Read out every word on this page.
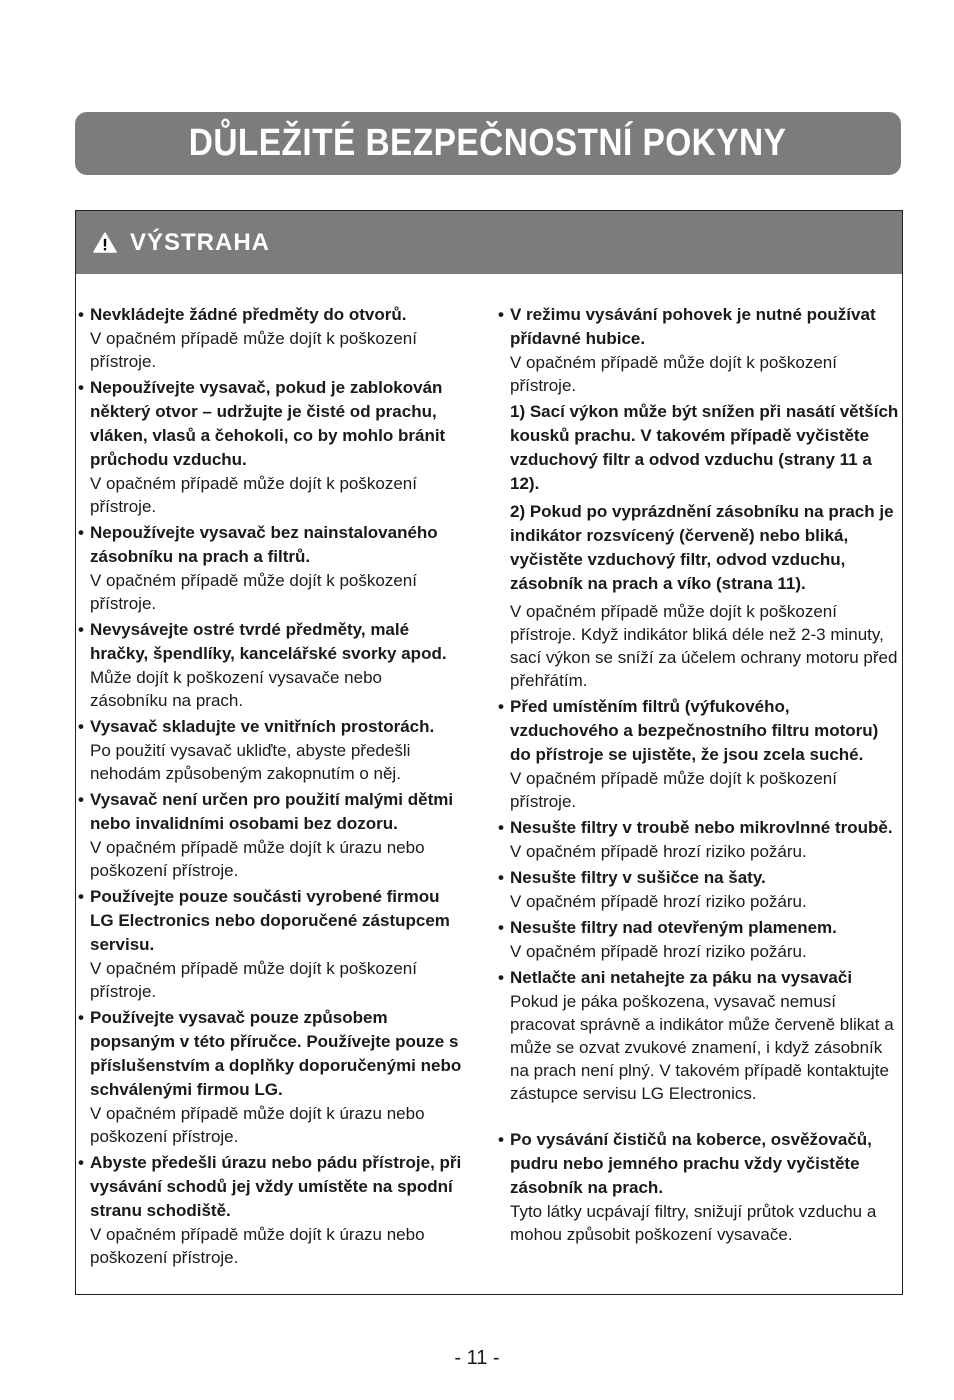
DŮLEŽITÉ BEZPEČNOSTNÍ POKYNY
VÝSTRAHA
• Nevkládejte žádné předměty do otvorů.
V opačném případě může dojít k poškození přístroje.
• Nepoužívejte vysavač, pokud je zablokován některý otvor – udržujte je čisté od prachu, vláken, vlasů a čehokoli, co by mohlo bránit průchodu vzduchu.
V opačném případě může dojít k poškození přístroje.
• Nepoužívejte vysavač bez nainstalovaného zásobníku na prach a filtrů.
V opačném případě může dojít k poškození přístroje.
• Nevysávejte ostré tvrdé předměty, malé hračky, špendlíky, kancelářské svorky apod.
Může dojít k poškození vysavače nebo zásobníku na prach.
• Vysavač skladujte ve vnitřních prostorách.
Po použití vysavač ukliďte, abyste předešli nehodám způsobeným zakopnutím o něj.
• Vysavač není určen pro použití malými dětmi nebo invalidními osobami bez dozoru.
V opačném případě může dojít k úrazu nebo poškození přístroje.
• Používejte pouze součásti vyrobené firmou LG Electronics nebo doporučené zástupcem servisu.
V opačném případě může dojít k poškození přístroje.
• Používejte vysavač pouze způsobem popsaným v této příručce. Používejte pouze s příslušenstvím a doplňky doporučenými nebo schválenými firmou LG.
V opačném případě může dojít k úrazu nebo poškození přístroje.
• Abyste předešli úrazu nebo pádu přístroje, při vysávání schodů jej vždy umístěte na spodní stranu schodiště.
V opačném případě může dojít k úrazu nebo poškození přístroje.
• V režimu vysávání pohovek je nutné používat přídavné hubice.
V opačném případě může dojít k poškození přístroje.
1) Sací výkon může být snížen při nasátí větších kousků prachu. V takovém případě vyčistěte vzduchový filtr a odvod vzduchu (strany 11 a 12).
2) Pokud po vyprázdnění zásobníku na prach je indikátor rozsvícený (červeně) nebo bliká, vyčistěte vzduchový filtr, odvod vzduchu, zásobník na prach a víko (strana 11).
V opačném případě může dojít k poškození přístroje. Když indikátor bliká déle než 2-3 minuty, sací výkon se sníží za účelem ochrany motoru před přehřátím.
• Před umístěním filtrů (výfukového, vzduchového a bezpečnostního filtru motoru) do přístroje se ujistěte, že jsou zcela suché.
V opačném případě může dojít k poškození přístroje.
• Nesušte filtry v troubě nebo mikrovlnné troubě.
V opačném případě hrozí riziko požáru.
• Nesušte filtry v sušičce na šaty.
V opačném případě hrozí riziko požáru.
• Nesušte filtry nad otevřeným plamenem.
V opačném případě hrozí riziko požáru.
• Netlačte ani netahejte za páku na vysavači
Pokud je páka poškozena, vysavač nemusí pracovat správně a indikátor může červeně blikat a může se ozvat zvukové znamení, i když zásobník na prach není plný. V takovém případě kontaktujte zástupce servisu LG Electronics.
• Po vysávání čističů na koberce, osvěžovačů, pudru nebo jemného prachu vždy vyčistěte zásobník na prach.
Tyto látky ucpávají filtry, snižují průtok vzduchu a mohou způsobit poškození vysavače.
- 11 -
